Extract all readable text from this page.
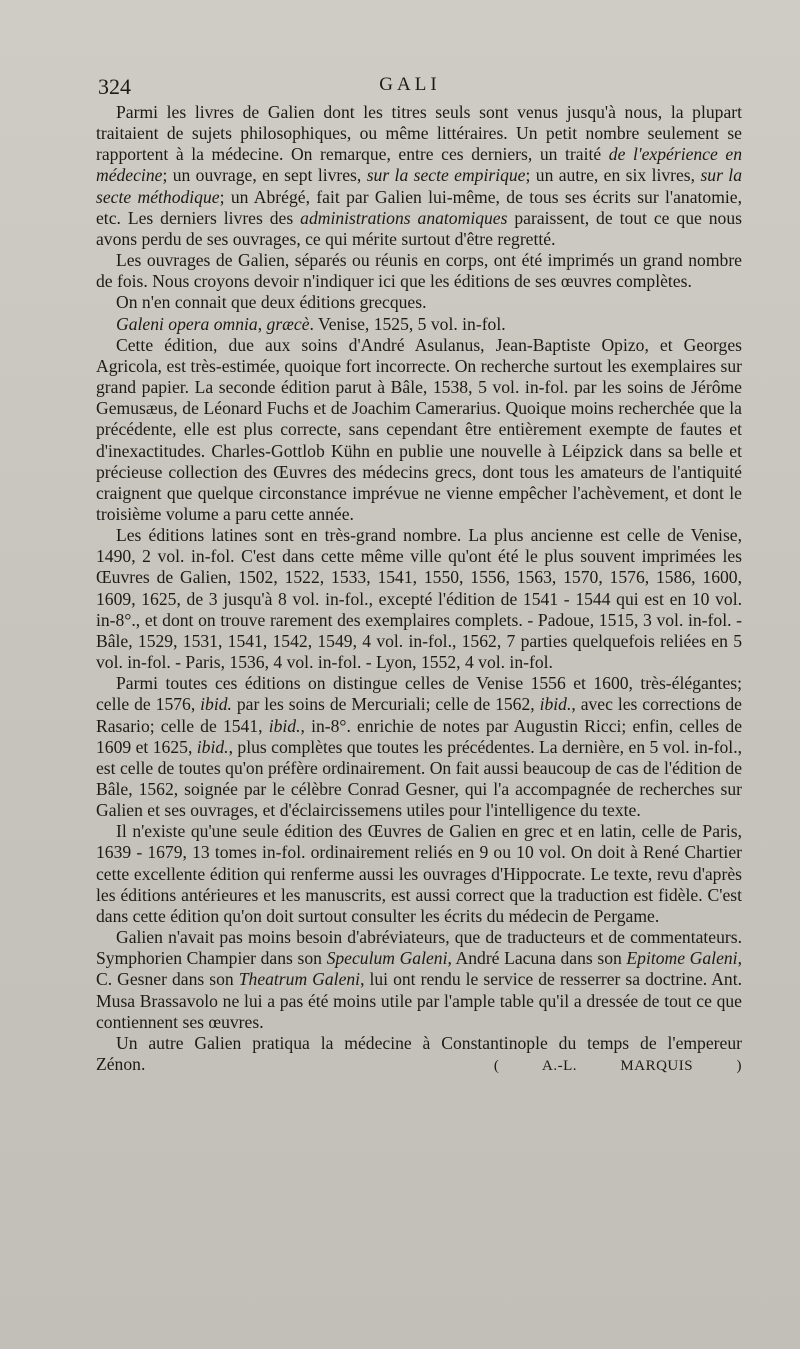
324	GALI

Parmi les livres de Galien dont les titres seuls sont venus jusqu'à nous, la plupart traitaient de sujets philosophiques, ou même littéraires. Un petit nombre seulement se rapportent à la médecine. On remarque, entre ces derniers, un traité de l'expérience en médecine; un ouvrage, en sept livres, sur la secte empirique; un autre, en six livres, sur la secte méthodique; un Abrégé, fait par Galien lui-même, de tous ses écrits sur l'anatomie, etc. Les derniers livres des administrations anatomiques paraissent, de tout ce que nous avons perdu de ses ouvrages, ce qui mérite surtout d'être regretté.

Les ouvrages de Galien, séparés ou réunis en corps, ont été imprimés un grand nombre de fois. Nous croyons devoir n'indiquer ici que les éditions de ses œuvres complètes.

On n'en connait que deux éditions grecques.

Galeni opera omnia, græcè. Venise, 1525, 5 vol. in-fol.

Cette édition, due aux soins d'André Asulanus, Jean-Baptiste Opizo, et Georges Agricola, est très-estimée, quoique fort incorrecte. On recherche surtout les exemplaires sur grand papier. La seconde édition parut à Bâle, 1538, 5 vol. in-fol. par les soins de Jérôme Gemusæus, de Léonard Fuchs et de Joachim Camerarius. Quoique moins recherchée que la précédente, elle est plus correcte, sans cependant être entièrement exempte de fautes et d'inexactitudes. Charles-Gottlob Kühn en publie une nouvelle à Léipzick dans sa belle et précieuse collection des Œuvres des médecins grecs, dont tous les amateurs de l'antiquité craignent que quelque circonstance imprévue ne vienne empêcher l'achèvement, et dont le troisième volume a paru cette année.

Les éditions latines sont en très-grand nombre. La plus ancienne est celle de Venise, 1490, 2 vol. in-fol. C'est dans cette même ville qu'ont été le plus souvent imprimées les Œuvres de Galien, 1502, 1522, 1533, 1541, 1550, 1556, 1563, 1570, 1576, 1586, 1600, 1609, 1625, de 3 jusqu'à 8 vol. in-fol., excepté l'édition de 1541 - 1544 qui est en 10 vol. in-8°., et dont on trouve rarement des exemplaires complets. - Padoue, 1515, 3 vol. in-fol. - Bâle, 1529, 1531, 1541, 1542, 1549, 4 vol. in-fol., 1562, 7 parties quelquefois reliées en 5 vol. in-fol. - Paris, 1536, 4 vol. in-fol. - Lyon, 1552, 4 vol. in-fol.

Parmi toutes ces éditions on distingue celles de Venise 1556 et 1600, très-élégantes; celle de 1576, ibid. par les soins de Mercuriali; celle de 1562, ibid., avec les corrections de Rasario; celle de 1541, ibid., in-8°. enrichie de notes par Augustin Ricci; enfin, celles de 1609 et 1625, ibid., plus complètes que toutes les précédentes. La dernière, en 5 vol. in-fol., est celle de toutes qu'on préfère ordinairement. On fait aussi beaucoup de cas de l'édition de Bâle, 1562, soignée par le célèbre Conrad Gesner, qui l'a accompagnée de recherches sur Galien et ses ouvrages, et d'éclaircissemens utiles pour l'intelligence du texte.

Il n'existe qu'une seule édition des Œuvres de Galien en grec et en latin, celle de Paris, 1639 - 1679, 13 tomes in-fol. ordinairement reliés en 9 ou 10 vol. On doit à René Chartier cette excellente édition qui renferme aussi les ouvrages d'Hippocrate. Le texte, revu d'après les éditions antérieures et les manuscrits, est aussi correct que la traduction est fidèle. C'est dans cette édition qu'on doit surtout consulter les écrits du médecin de Pergame.

Galien n'avait pas moins besoin d'abréviateurs, que de traducteurs et de commentateurs. Symphorien Champier dans son Speculum Galeni, André Lacuna dans son Epitome Galeni, C. Gesner dans son Theatrum Galeni, lui ont rendu le service de resserrer sa doctrine. Ant. Musa Brassavolo ne lui a pas été moins utile par l'ample table qu'il a dressée de tout ce que contiennent ses œuvres.

Un autre Galien pratiqua la médecine à Constantinople du temps de l'empereur Zénon.	( A.-L. MARQUIS )
